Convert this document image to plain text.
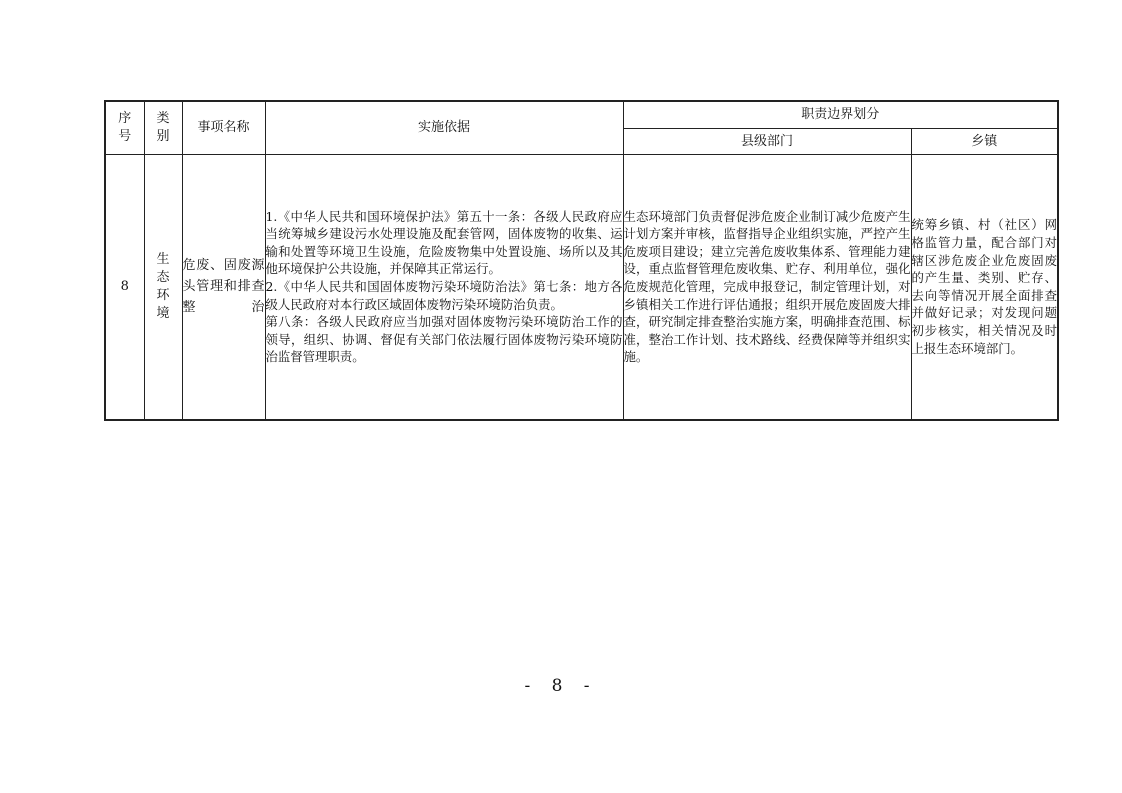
序号	类别	事项名称	实施依据	职责边界划分	
				县级部门	乡镇
8	生态环境	危废、固废源头管理和排查整治	1.《中华人民共和国环境保护法》第五十一条：各级人民政府应当统筹城乡建设污水处理设施及配套管网，固体废物的收集、运输和处置等环境卫生设施，危险废物集中处置设施、场所以及其他环境保护公共设施，并保障其正常运行。

2.《中华人民共和国固体废物污染环境防治法》第七条：地方各级人民政府对本行政区域固体废物污染环境防治负责。

第八条：各级人民政府应当加强对固体废物污染环境防治工作的领导，组织、协调、督促有关部门依法履行固体废物污染环境防治监督管理职责。	生态环境部门负责督促涉危废企业制订减少危废产生计划方案并审核，监督指导企业组织实施，严控产生危废项目建设；建立完善危废收集体系、管理能力建设，重点监督管理危废收集、贮存、利用单位，强化危废规范化管理，完成申报登记，制定管理计划，对乡镇相关工作进行评估通报；组织开展危废固废大排查，研究制定排查整治实施方案，明确排查范围、标准，整治工作计划、技术路线、经费保障等并组织实施。	统筹乡镇、村（社区）网格监管力量，配合部门对辖区涉危废企业危废固废的产生量、类别、贮存、去向等情况开展全面排查并做好记录；对发现问题初步核实，相关情况及时上报生态环境部门。
- 8 -
